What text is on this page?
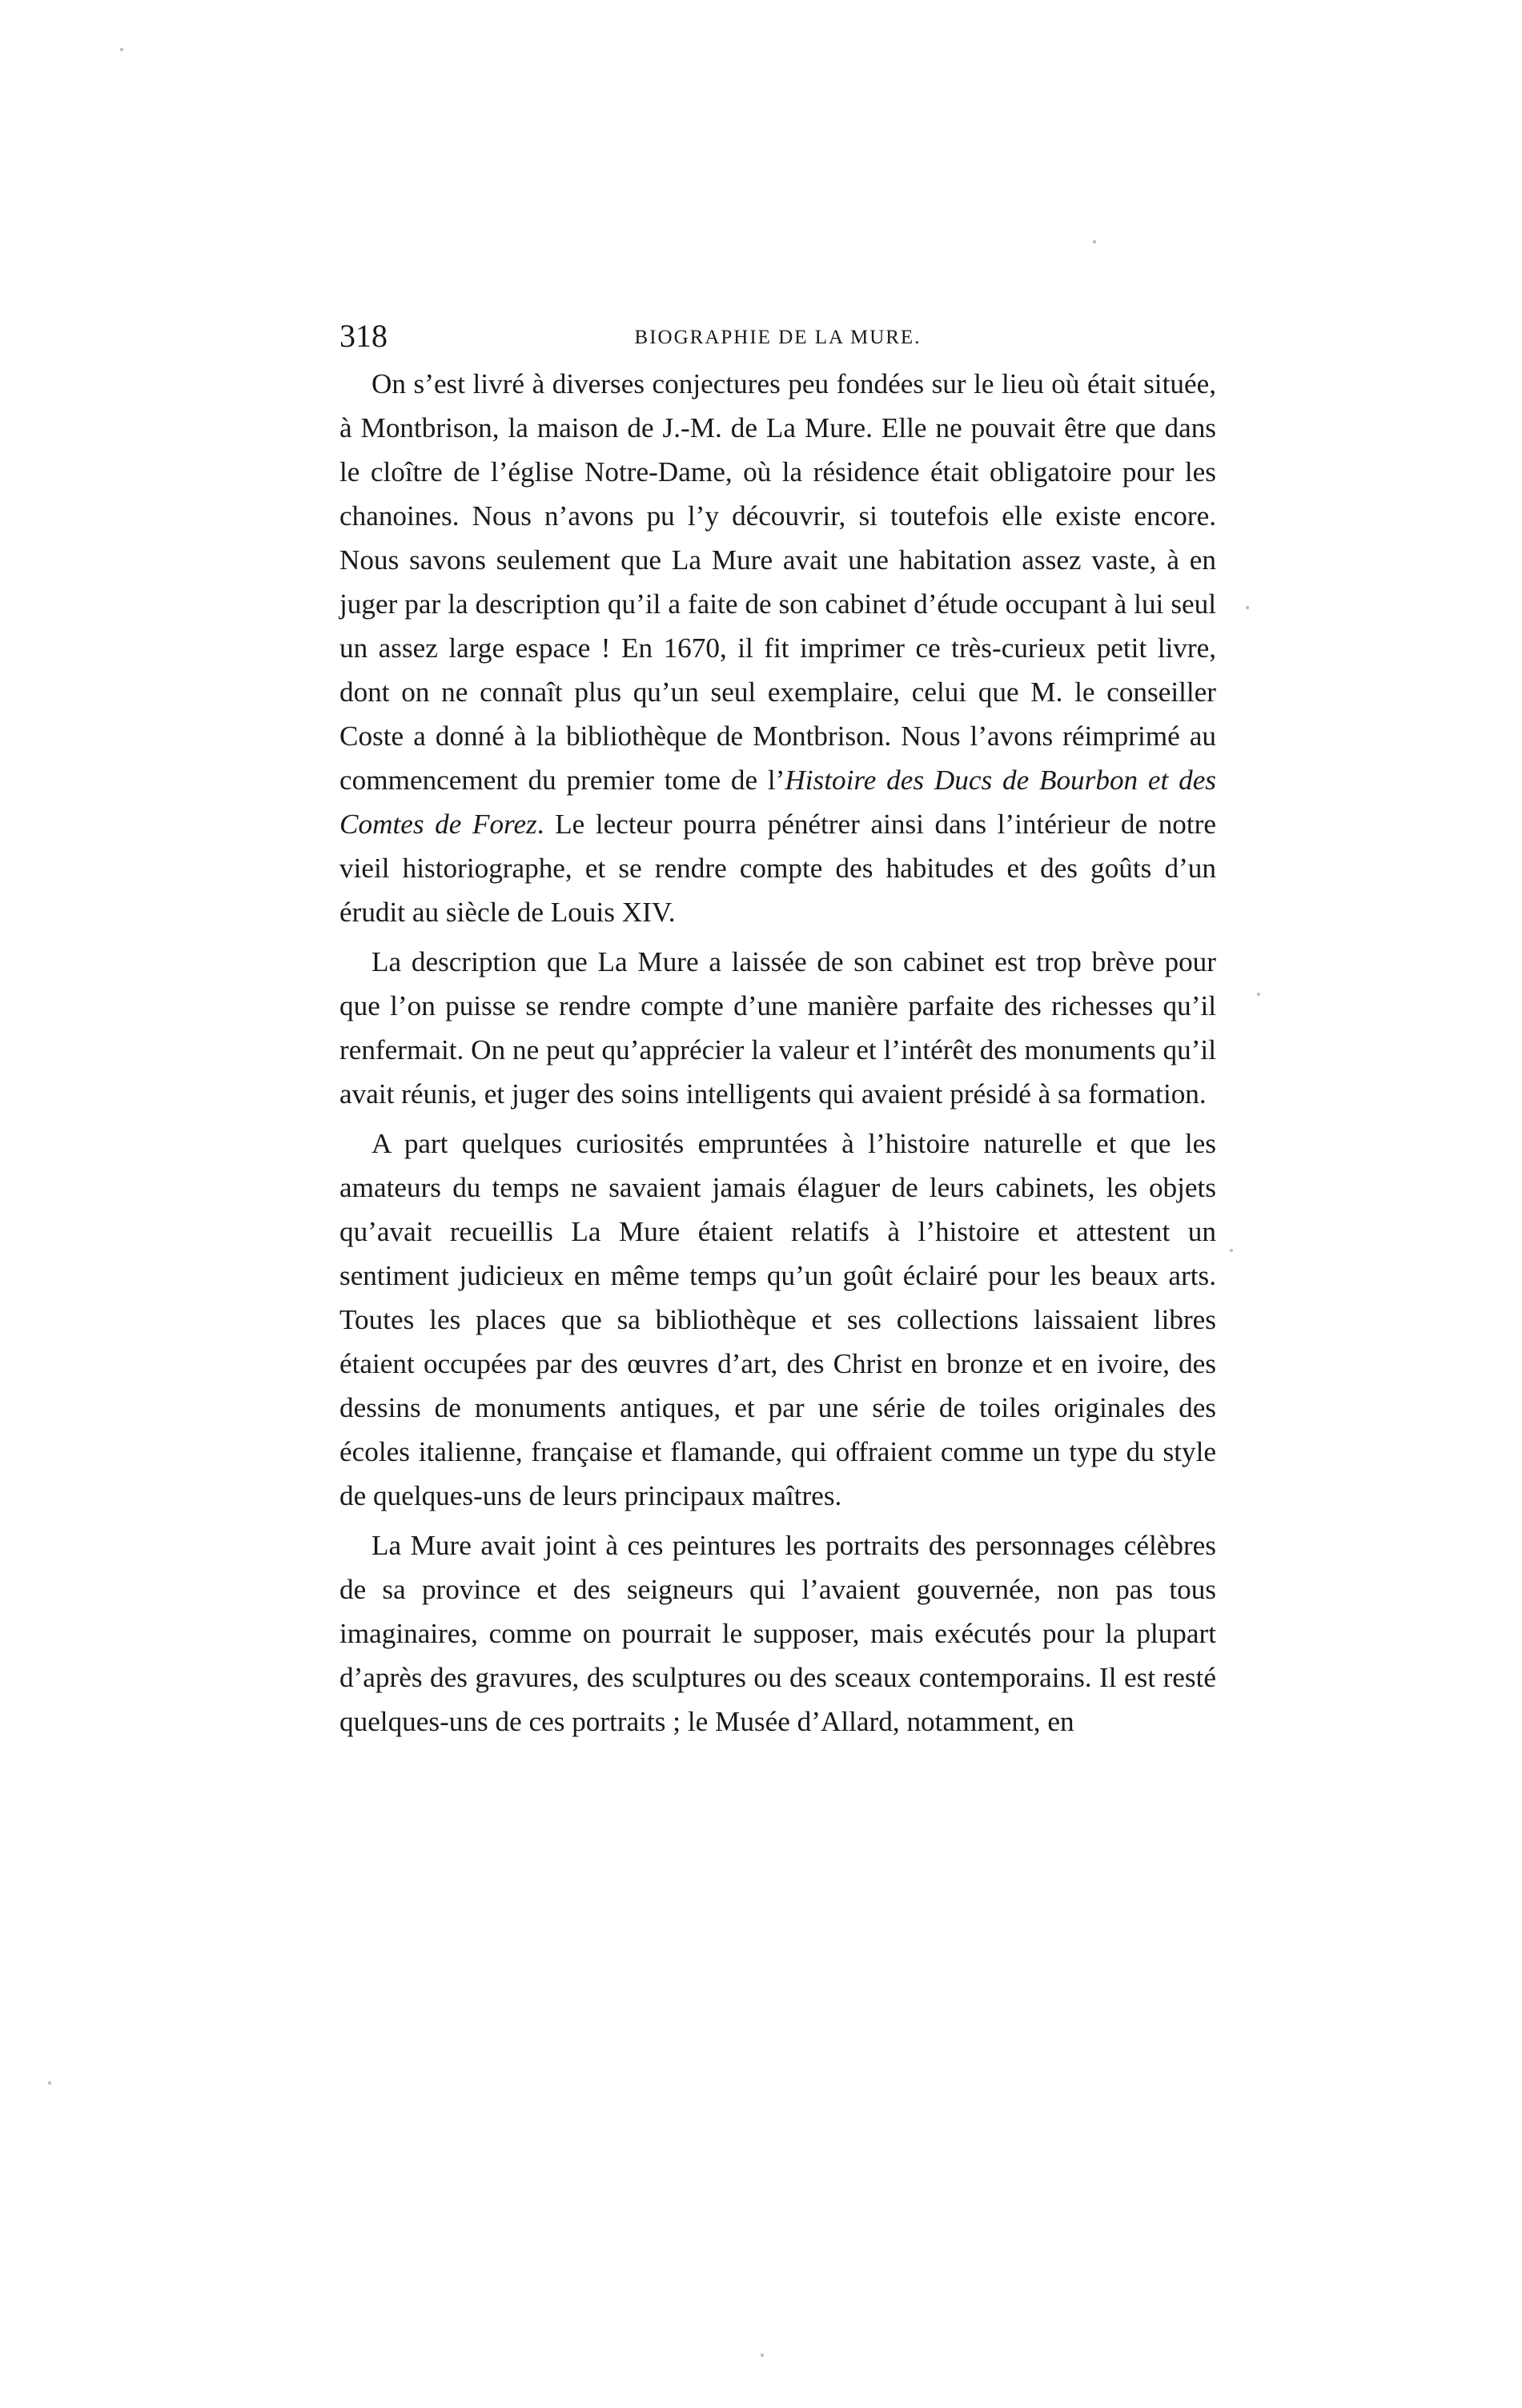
318	BIOGRAPHIE DE LA MURE.

On s’est livré à diverses conjectures peu fondées sur le lieu où était située, à Montbrison, la maison de J.-M. de La Mure. Elle ne pouvait être que dans le cloître de l’église Notre-Dame, où la résidence était obligatoire pour les chanoines. Nous n’avons pu l’y découvrir, si toutefois elle existe encore. Nous savons seulement que La Mure avait une habitation assez vaste, à en juger par la description qu’il a faite de son cabinet d’étude occupant à lui seul un assez large espace ! En 1670, il fit imprimer ce très-curieux petit livre, dont on ne connaît plus qu’un seul exemplaire, celui que M. le conseiller Coste a donné à la bibliothèque de Montbrison. Nous l’avons réimprimé au commencement du premier tome de l’Histoire des Ducs de Bourbon et des Comtes de Forez. Le lecteur pourra pénétrer ainsi dans l’intérieur de notre vieil historiographe, et se rendre compte des habitudes et des goûts d’un érudit au siècle de Louis XIV.

La description que La Mure a laissée de son cabinet est trop brève pour que l’on puisse se rendre compte d’une manière parfaite des richesses qu’il renfermait. On ne peut qu’apprécier la valeur et l’intérêt des monuments qu’il avait réunis, et juger des soins intelligents qui avaient présidé à sa formation.

A part quelques curiosités empruntées à l’histoire naturelle et que les amateurs du temps ne savaient jamais élaguer de leurs cabinets, les objets qu’avait recueillis La Mure étaient relatifs à l’histoire et attestent un sentiment judicieux en même temps qu’un goût éclairé pour les beaux arts. Toutes les places que sa bibliothèque et ses collections laissaient libres étaient occupées par des œuvres d’art, des Christ en bronze et en ivoire, des dessins de monuments antiques, et par une série de toiles originales des écoles italienne, française et flamande, qui offraient comme un type du style de quelques-uns de leurs principaux maîtres.

La Mure avait joint à ces peintures les portraits des personnages célèbres de sa province et des seigneurs qui l’avaient gouvernée, non pas tous imaginaires, comme on pourrait le supposer, mais exécutés pour la plupart d’après des gravures, des sculptures ou des sceaux contemporains. Il est resté quelques-uns de ces portraits ; le Musée d’Allard, notamment, en
